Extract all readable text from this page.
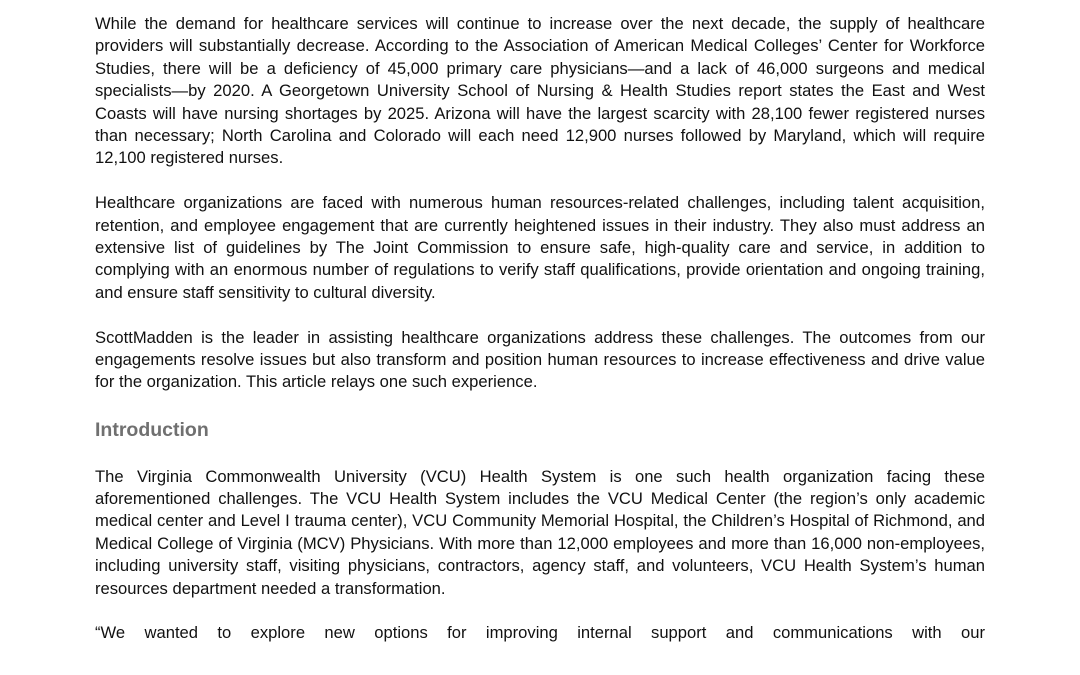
While the demand for healthcare services will continue to increase over the next decade, the supply of healthcare providers will substantially decrease. According to the Association of American Medical Colleges’ Center for Workforce Studies, there will be a deficiency of 45,000 primary care physicians—and a lack of 46,000 surgeons and medical specialists—by 2020. A Georgetown University School of Nursing & Health Studies report states the East and West Coasts will have nursing shortages by 2025. Arizona will have the largest scarcity with 28,100 fewer registered nurses than necessary; North Carolina and Colorado will each need 12,900 nurses followed by Maryland, which will require 12,100 registered nurses.

Healthcare organizations are faced with numerous human resources-related challenges, including talent acquisition, retention, and employee engagement that are currently heightened issues in their industry. They also must address an extensive list of guidelines by The Joint Commission to ensure safe, high-quality care and service, in addition to complying with an enormous number of regulations to verify staff qualifications, provide orientation and ongoing training, and ensure staff sensitivity to cultural diversity.

ScottMadden is the leader in assisting healthcare organizations address these challenges. The outcomes from our engagements resolve issues but also transform and position human resources to increase effectiveness and drive value for the organization. This article relays one such experience.

Introduction

The Virginia Commonwealth University (VCU) Health System is one such health organization facing these aforementioned challenges. The VCU Health System includes the VCU Medical Center (the region’s only academic medical center and Level I trauma center), VCU Community Memorial Hospital, the Children’s Hospital of Richmond, and Medical College of Virginia (MCV) Physicians. With more than 12,000 employees and more than 16,000 non-employees, including university staff, visiting physicians, contractors, agency staff, and volunteers, VCU Health System’s human resources department needed a transformation.

“We wanted to explore new options for improving internal support and communications with our
